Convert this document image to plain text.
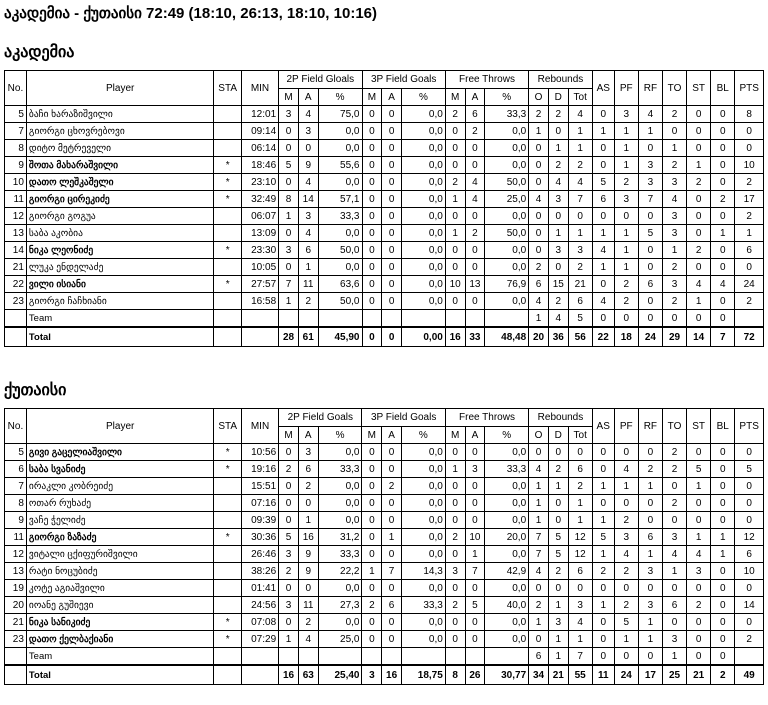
აკადემია - ქუთაისი 72:49 (18:10, 26:13, 18:10, 10:16)
აკადემია
No.	Player	STA	MIN	2P Field Gloals			3P Field Goals			Free Throws			Rebounds			AS	PF	RF	TO	ST	BL	PTS
				M	A	%	M	A	%	M	A	%	O	D	Tot							
5	ბაჩი ხარაზიშვილი		12:01	3	4	75,0	0	0	0,0	2	6	33,3	2	2	4	0	3	4	2	0	0	8
7	გიორგი ცხოვრებოვი		09:14	0	3	0,0	0	0	0,0	0	2	0,0	1	0	1	1	1	1	0	0	0	0
8	დიტო მეტრეველი		06:14	0	0	0,0	0	0	0,0	0	0	0,0	0	1	1	0	1	0	1	0	0	0
9	შოთა მახარაშვილი	*	18:46	5	9	55,6	0	0	0,0	0	0	0,0	0	2	2	0	1	3	2	1	0	10
10	დათო ლეშკაშელი	*	23:10	0	4	0,0	0	0	0,0	2	4	50,0	0	4	4	5	2	3	3	2	0	2
11	გიორგი ცირეკიძე	*	32:49	8	14	57,1	0	0	0,0	1	4	25,0	4	3	7	6	3	7	4	0	2	17
12	გიორგი გოგუა		06:07	1	3	33,3	0	0	0,0	0	0	0,0	0	0	0	0	0	0	3	0	0	2
13	საბა აკობია		13:09	0	4	0,0	0	0	0,0	1	2	50,0	0	1	1	1	1	5	3	0	1	1
14	ნიკა ლეონიძე	*	23:30	3	6	50,0	0	0	0,0	0	0	0,0	0	3	3	4	1	0	1	2	0	6
21	ლუკა ენდელაძე		10:05	0	1	0,0	0	0	0,0	0	0	0,0	2	0	2	1	1	0	2	0	0	0
22	ვილი ისიანი	*	27:57	7	11	63,6	0	0	0,0	10	13	76,9	6	15	21	0	2	6	3	4	4	24
23	გიორგი ჩაჩხიანი		16:58	1	2	50,0	0	0	0,0	0	0	0,0	4	2	6	4	2	0	2	1	0	2
	Team												1	4	5	0	0	0	0	0	0	
	Total			28	61	45,90	0	0	0,00	16	33	48,48	20	36	56	22	18	24	29	14	7	72
ქუთაისი
No.	Player	STA	MIN	2P Field Goals			3P Field Goals			Free Throws			Rebounds			AS	PF	RF	TO	ST	BL	PTS
				M	A	%	M	A	%	M	A	%	O	D	Tot							
5	გივი გაცელიაშვილი	*	10:56	0	3	0,0	0	0	0,0	0	0	0,0	0	0	0	0	0	0	2	0	0	0
6	საბა სვანიძე	*	19:16	2	6	33,3	0	0	0,0	1	3	33,3	4	2	6	0	4	2	2	5	0	5
7	ირაკლი კობრეიძე		15:51	0	2	0,0	0	2	0,0	0	0	0,0	1	1	2	1	1	1	0	1	0	0
8	ოთარ რუხაძე		07:16	0	0	0,0	0	0	0,0	0	0	0,0	1	0	1	0	0	0	2	0	0	0
9	ვაჩე ჭელიძე		09:39	0	1	0,0	0	0	0,0	0	0	0,0	1	0	1	1	2	0	0	0	0	0
11	გიორგი ზაზაძე	*	30:36	5	16	31,2	0	1	0,0	2	10	20,0	7	5	12	5	3	6	3	1	1	12
12	ვიტალი ცქიფურიშვილი		26:46	3	9	33,3	0	0	0,0	0	1	0,0	7	5	12	1	4	1	4	4	1	6
13	რატი ნოცუბიძე		38:26	2	9	22,2	1	7	14,3	3	7	42,9	4	2	6	2	2	3	1	3	0	10
19	კოტე აგიაშვილი		01:41	0	0	0,0	0	0	0,0	0	0	0,0	0	0	0	0	0	0	0	0	0	0
20	იოანე გუშიევი		24:56	3	11	27,3	2	6	33,3	2	5	40,0	2	1	3	1	2	3	6	2	0	14
21	ნიკა სანიკიძე	*	07:08	0	2	0,0	0	0	0,0	0	0	0,0	1	3	4	0	5	1	0	0	0	0
23	დათო ქელბაქიანი	*	07:29	1	4	25,0	0	0	0,0	0	0	0,0	0	1	1	0	1	1	3	0	0	2
	Team												6	1	7	0	0	0	1	0	0	
	Total			16	63	25,40	3	16	18,75	8	26	30,77	34	21	55	11	24	17	25	21	2	49
